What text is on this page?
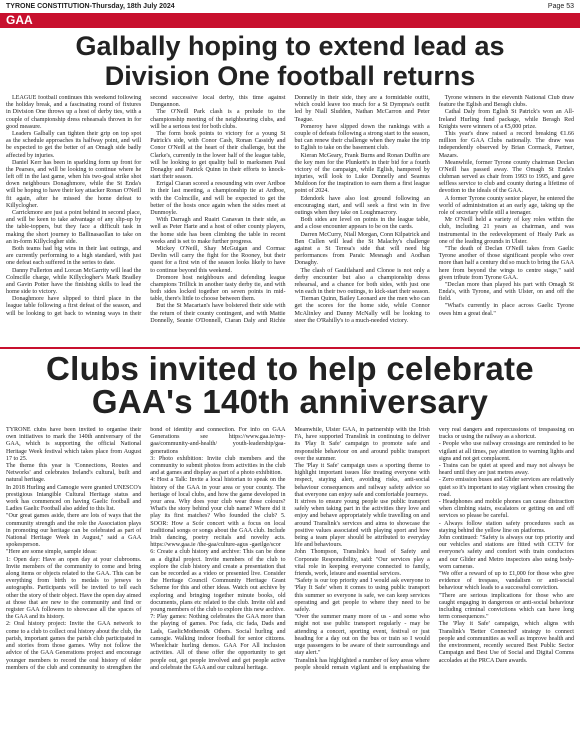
TYRONE CONSTITUTION-Thursday, 18th July 2024	Page 53
GAA
Galbally hoping to extend lead as
Division One football returns

LEAGUE football continues this weekend following the holiday break, and a fascinating round of fixtures in Division One throws up a host of derby ties, with a couple of championship dress rehearsals thrown in for good measure.

Leaders Galbally can tighten their grip on top spot as the schedule approaches its halfway point, and will be expected to get the better of an Omagh side badly affected by injuries.

Daniel Kerr has been in sparkling form up front for the Pearses, and will be looking to continue where he left off in the last game, when his two-goal strike shot down neighbours Donaghmore, while the St Enda's will be hoping to have their key attacker Ronan O'Neill fit again, after he missed the home defeat to Killyclogher.

Carrickmore are just a point behind in second place, and will be keen to take advantage of any slip-up by the table-toppers, but they face a difficult task in making the short journey to Ballinasaollan to take on an in-form Killyclogher side.

Both teams had big wins in their last outings, and are currently performing to a high standard, with just one defeat each suffered in the series to date.

Danny Fullerton and Lorcan McGarrity will lead the Colmcille charge, while Killyclogher's Mark Bradley and Gavin Potter have the finishing skills to lead the home side to victory.

Donaghmore have slipped to third place in the league table following a first defeat of the season, and will be looking to get back to winning ways in their second successive local derby, this time against Dungannon.

The O'Neill Park clash is a prelude to the championship meeting of the neighbouring clubs, and will be a serious test for both clubs.

The form book points to victory for a young St Patrick's side, with Conor Cash, Ronan Cassidy and Conor O'Neill at the heart of their challenge, but the Clarke's, currently in the lower half of the league table, will be looking to get quality ball to marksmen Paul Donaghy and Patrick Quinn in their efforts to knock-start their season.

Errigal Ciaran scored a resounding win over Ardboe in their last meeting, a championship tie at Ardboe, with the Colmcille, and will be expected to get the better of the hosts once again when the sides meet at Dunmoyle.

With Darragh and Ruairi Canavan in their side, as well as Peter Harte and a host of other county players, the home side has been climbing the table in recent weeks and is set to make further progress.

Mickey O'Neill, Shay McGuigan and Cormac Devlin will carry the fight for the Rooney, but their quest for a first win of the season looks likely to have to continue beyond this weekend.

Dromore host neighbours and defending league champions Trillick in another tasty derby tie, and with both sides locked together on seven points in mid-table, there's little to choose between them.

But the St Macartan's have bolstered their side with the return of their county contingent, and with Mattie Donnelly, Seanie O'Donnell, Ciaran Daly and Richie Donnelly in their side, they are a formidable outfit, which could leave too much for a St Dympna's outfit led by Niall Sludden, Nathan McCarron and Peter Teague.

Pomeroy have slipped down the rankings with a couple of defeats following a strong start to the season, but can renew their challenge when they make the trip to Eglish to take on the basement club.

Kieran McGeary, Frank Burns and Ronan Duffin are the key men for the Plunkett's in their bid for a fourth victory of the campaign, while Eglish, hampered by injuries, will look to Luke Donnelly and Seamus Muldoon for the inspiration to earn them a first league point of 2024.

Edendork have also lost ground following an encouraging start, and will seek a first win in five outings when they take on Loughmacrory.

Both sides are level on points in the league table, and a close encounter appears to be on the cards.

Darren McCurry, Niall Morgan, Conn Kilpatrick and Ben Cullen will lead the St Malachy's challenge against a St Teresa's side that will need big performances from Paraic Mesnagh and Aodhan Donaghy.

The clash of Gaultlahard and Clonoe is not only a derby encounter but also a championship dress rehearsal, and a chance for both sides, with just one win each in their two outings, to kick-start their season.

Tiernan Quinn, Bailey Leonard are the men who can get the scores for the home side, while Connor McAlinley and Danny McNally will be looking to steer the O'Rahilly's to a much-needed victory.

Tyrone winners in the eleventh National Club draw feature the Eglish and Beragh clubs.

Cathal Daly from Eglish St Patrick's won an All-Ireland Hurling fund package, while Beragh Red Knights were winners of a €5,000 prize.

This year's draw raised a record breaking €1.66 million for GAA Clubs nationally. The draw was independently observed by Brian Cormack, Partner, Mazars.

Meanwhile, former Tyrone county chairman Declan O'Neill has passed away. The Omagh St Enda's clubman served as chair from 1993 to 1995, and gave selfless service to club and county during a lifetime of devotion to the ideals of the GAA.

A former Tyrone county senior player, he entered the world of administration at an early age, taking up the role of secretary while still a teenager.

Mr O'Neill held a variety of key roles within the club, including 21 years as chairman, and was instrumental in the redevelopment of Healy Park as one of the leading grounds in Ulster.

"The death of Declan O'Neill takes from Gaelic Tyrone another of those significant people who over more than half a century did so much to bring the GAA here from beyond the wings to centre stage," said given tribute from Tyrone GAA.

"Declan more than played his part with Omagh St Enda's, with Tyrone, and with Ulster, on and off the field.

"What's currently in place across Gaelic Tyrone owes him a great deal."

Clubs invited to help celebrate
GAA's 140th anniversary

TYRONE clubs have been invited to organise their own initiatives to mark the 140th anniversary of the GAA, which is supporting the official National Heritage Week festival which takes place from August 17 to 25.

The theme this year is 'Connections, Routes and Networks' and celebrates Ireland's cultural, built and natural heritage.

In 2018 Hurling and Camogie were granted UNESCO's prestigious Intangible Cultural Heritage status and work has commenced on having Gaelic football and Ladies Gaelic Football also added to this list.

"Our great games aside, there are lots of ways that the community strength and the role the Association plays in promoting our heritage can be celebrated as part of National Heritage Week in August," said a GAA spokesperson.

"Here are some simple, sample ideas:

1: Open day: Have an open day at your clubrooms. Invite members of the community to come and bring along items or objects related to the GAA. This can be everything from birth to medals to jerseys to autographs. Participants will be invited to tell each other the story of their object. Have the open day aimed at those that are new to the community and find or register GAA followers to showcase all the spaces of the GAA and its history.

2: Oral history project: Invite the GAA network to come to a club to collect oral history about the club, the parish, important games the parish club participated in and stories from those games. Why not follow the advice of the GAA Generations project and encourage younger members to record the oral history of older members of the club and community to strengthen the bond of identity and connection. For info on GAA Generations see https://www.gaa.ie/my-gaa/community-and-health/ youth-leadership/gaa-generations

3: Photo exhibition: Invite club members and the community to submit photos from activities in the club and at games and display as part of a photo exhibition.

4: Host a Talk: Invite a local historian to speak on the history of the GAA in your area or your county. The heritage of local clubs, and how the game developed in your area. Why does your club wear those colours? What's the story behind your club name? Where did it play its first matches? Who founded the club? 5. SOOR: How a Scór concert with a focus on local traditional songs or songs about the GAA club. Include Irish dancing, poetry recitals and novelty acts. https://www.gaa.ie /the-gaa/culture-agus -gaeilge/scor

6: Create a club history and archive: This can be done as a digital project. Invite members of the club to explore the club history and create a presentation that can be recorded as a video or presented live. Consider the Heritage Council Community Heritage Grant Scheme for this and other ideas. Watch out archive by exploring and bringing together minute books, old documents, plans etc related to the club. Invite old and young members of the club to explore this new archive.

7: Play games: Nothing celebrates the GAA more than the playing of games. Poc fada, cic fada, Dads and Lads, GaelicMothersi& Others. Social hurling and camogie. Walking indoor football for senior citizens. Wheelchair hurling demos. GAA For All inclusion activities. All of these offer the opportunity to get people out, get people involved and get people active and celebrate the GAA and our cultural heritage.

Meanwhile, Ulster GAA, in partnership with the Irish FA, have supported Translink in continuing to deliver its 'Play It Safe' campaign to promote safe and responsible behaviour on and around public transport over the summer.

The 'Play it Safe' campaign uses a sporting theme to highlight important issues like treating everyone with respect, staying alert, avoiding risks, anti-social behaviour consequences and railway safety advice so that everyone can enjoy safe and comfortable journeys.

It strives to ensure young people use public transport safely when taking part in the activities they love and enjoy and behave appropriately while travelling on and around Translink's services and aims to showcase the positive values associated with playing sport and how being a team player should be attributed to everyday life and behaviours.

John Thompson, Translink's head of Safety and Corporate Responsibility, said: "Our services play a vital role in keeping everyone connected to family, friends, work, leisure and essential services.

"Safety is our top priority and I would ask everyone to 'Play It Safe' when it comes to using public transport this summer so everyone is safe, we can keep services operating and get people to where they need to be safely.

"Over the summer many more of us - and some who might not use public transport regularly - may be attending a concert, sporting event, festival or just heading for a day out on the bus or train so I would urge passengers to be aware of their surroundings and stay alert."

Translink has highlighted a number of key areas where people should remain vigilant and is emphasising the very real dangers and repercussions of trespassing on tracks or using the railway as a shortcut.

- People who use railway crossings are reminded to be vigilant at all times, pay attention to warning lights and signs and not get complacent.

- Trains can be quiet at speed and may not always be heard until they are just metres away.

- Zero emission buses and Glider services are relatively quiet so it's important to stay vigilant when crossing the road.

- Headphones and mobile phones can cause distraction when climbing stairs, escalators or getting on and off services so please be careful.

- Always follow station safety procedures such as staying behind the yellow line on platforms.

John continued: "Safety is always our top priority and our vehicles and stations are fitted with CCTV for everyone's safety and comfort with train conductors and our Glider and Metro inspectors also using body-worn cameras.

"We offer a reward of up to £1,000 for those who give evidence of trespass, vandalism or anti-social behaviour which leads to a successful conviction.

"There are serious implications for those who are caught engaging in dangerous or anti-social behaviour including criminal convictions which can have long term consequences."

The 'Play it Safe' campaign, which aligns with Translink's 'Better Connected' strategy to connect people and communities as well as improve health and the environment, recently secured Best Public Sector Campaign and Best Use of Social and Digital Comms accolades at the PRCA Dare awards.
